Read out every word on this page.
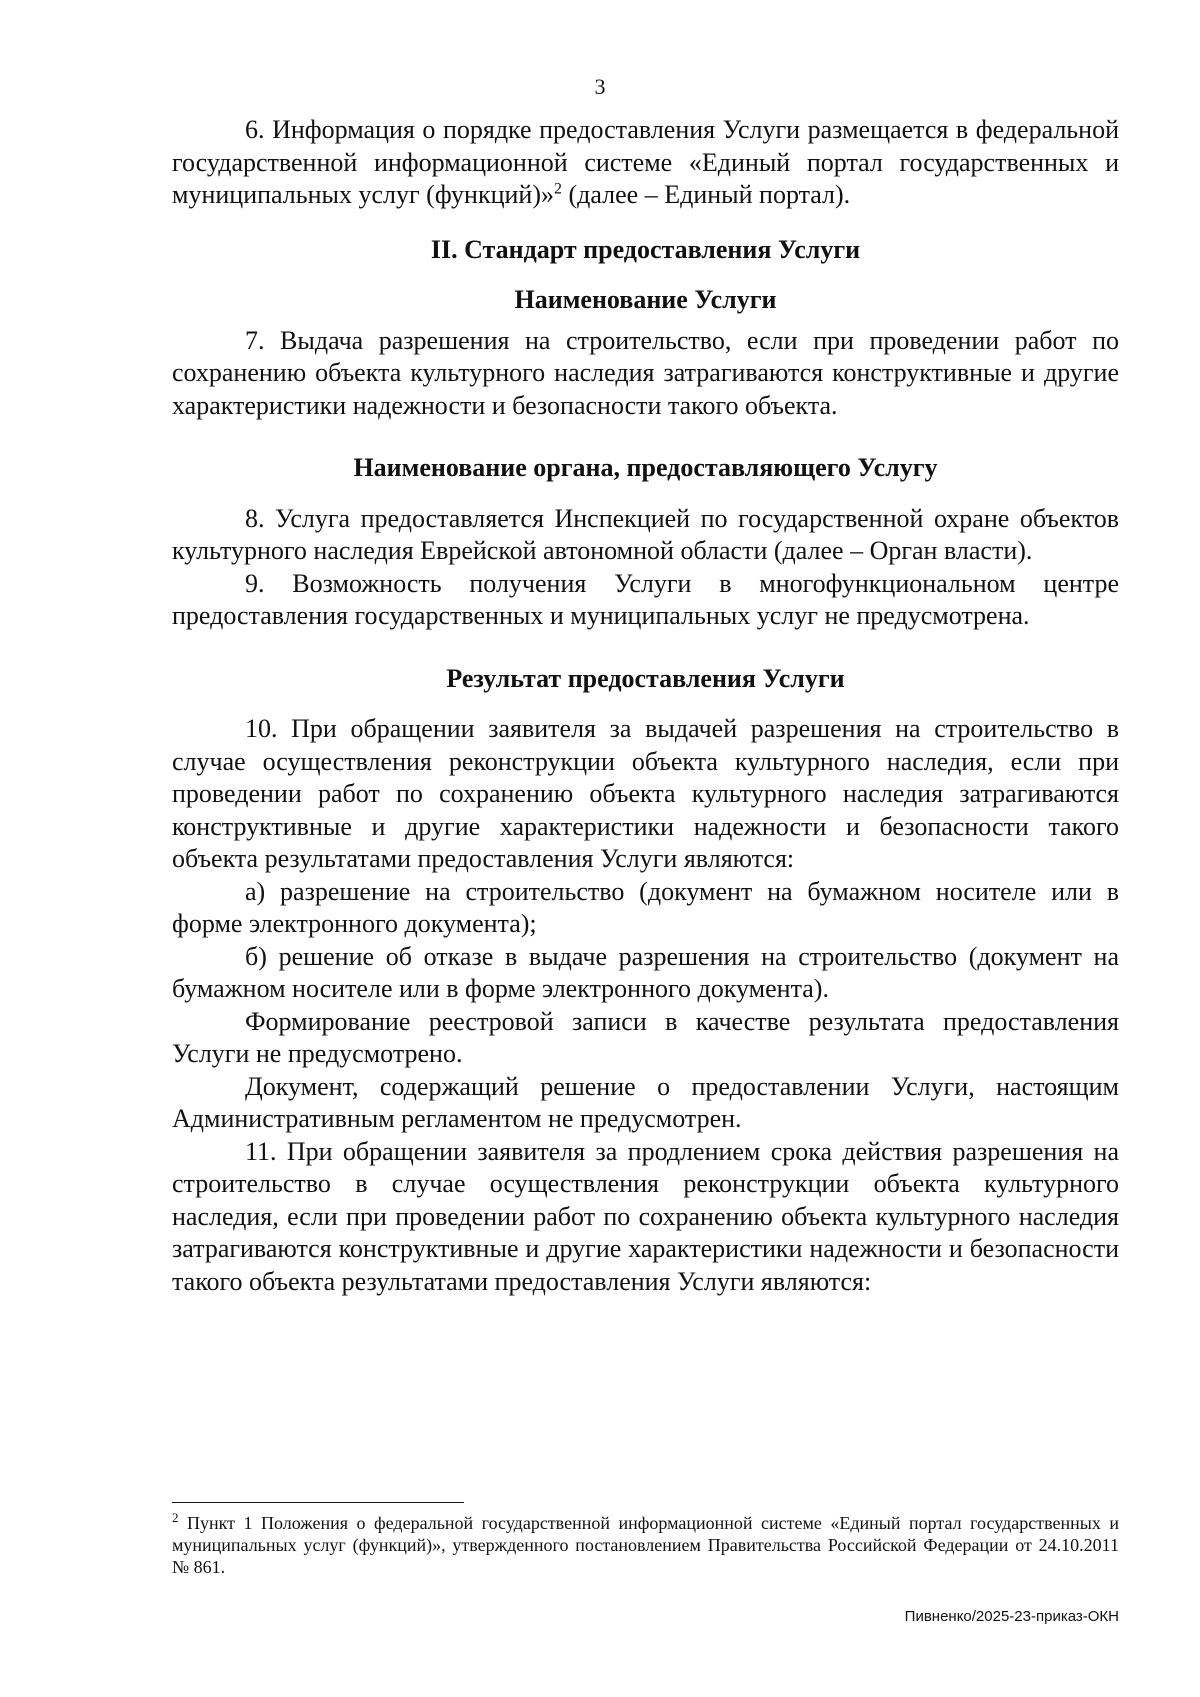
3

6. Информация о порядке предоставления Услуги размещается в федеральной государственной информационной системе «Единый портал государственных и муниципальных услуг (функций)»$^2$ (далее – Единый портал).

II. Стандарт предоставления Услуги

Наименование Услуги

7. Выдача разрешения на строительство, если при проведении работ по сохранению объекта культурного наследия затрагиваются конструктивные и другие характеристики надежности и безопасности такого объекта.

Наименование органа, предоставляющего Услугу

8. Услуга предоставляется Инспекцией по государственной охране объектов культурного наследия Еврейской автономной области (далее – Орган власти).

9. Возможность получения Услуги в многофункциональном центре предоставления государственных и муниципальных услуг не предусмотрена.

Результат предоставления Услуги

10. При обращении заявителя за выдачей разрешения на строительство в случае осуществления реконструкции объекта культурного наследия, если при проведении работ по сохранению объекта культурного наследия затрагиваются конструктивные и другие характеристики надежности и безопасности такого объекта результатами предоставления Услуги являются:

а) разрешение на строительство (документ на бумажном носителе или в форме электронного документа);

б) решение об отказе в выдаче разрешения на строительство (документ на бумажном носителе или в форме электронного документа).

Формирование реестровой записи в качестве результата предоставления Услуги не предусмотрено.

Документ, содержащий решение о предоставлении Услуги, настоящим Административным регламентом не предусмотрен.

11. При обращении заявителя за продлением срока действия разрешения на строительство в случае осуществления реконструкции объекта культурного наследия, если при проведении работ по сохранению объекта культурного наследия затрагиваются конструктивные и другие характеристики надежности и безопасности такого объекта результатами предоставления Услуги являются:

$^2$ Пункт 1 Положения о федеральной государственной информационной системе «Единый портал государственных и муниципальных услуг (функций)», утвержденного постановлением Правительства Российской Федерации от 24.10.2011 № 861.

Пивненко/2025-23-приказ-ОКН
